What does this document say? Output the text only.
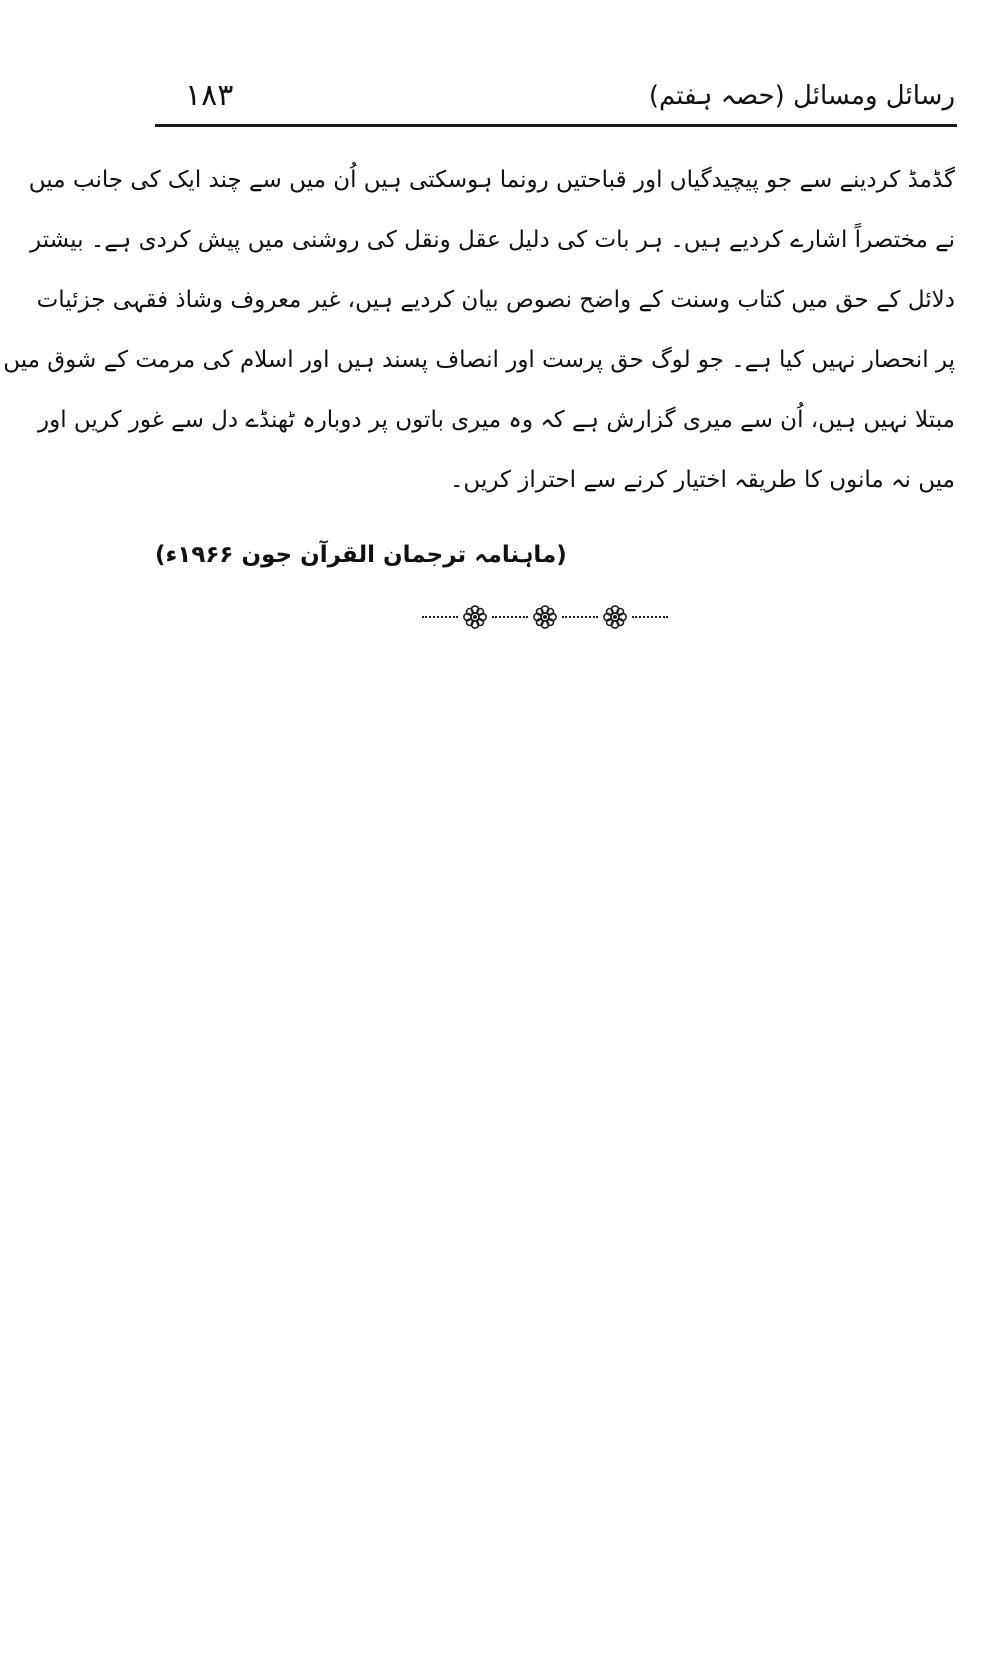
۱۸۳	رسائل ومسائل (حصہ ہفتم)
گڈمڈ کردینے سے جو پیچیدگیاں اور قباحتیں رونما ہوسکتی ہیں اُن میں سے چند ایک کی جانب میں
نے مختصراً اشارے کردیے ہیں۔ ہر بات کی دلیل عقل ونقل کی روشنی میں پیش کردی ہے۔ بیشتر
دلائل کے حق میں کتاب وسنت کے واضح نصوص بیان کردیے ہیں، غیر معروف وشاذ فقہی جزئیات
پر انحصار نہیں کیا ہے۔ جو لوگ حق پرست اور انصاف پسند ہیں اور اسلام کی مرمت کے شوق میں
مبتلا نہیں ہیں، اُن سے میری گزارش ہے کہ وہ میری باتوں پر دوبارہ ٹھنڈے دل سے غور کریں اور
میں نہ مانوں کا طریقہ اختیار کرنے سے احتراز کریں۔
(ماہنامہ ترجمان القرآن جون ۱۹۶۶ء)
